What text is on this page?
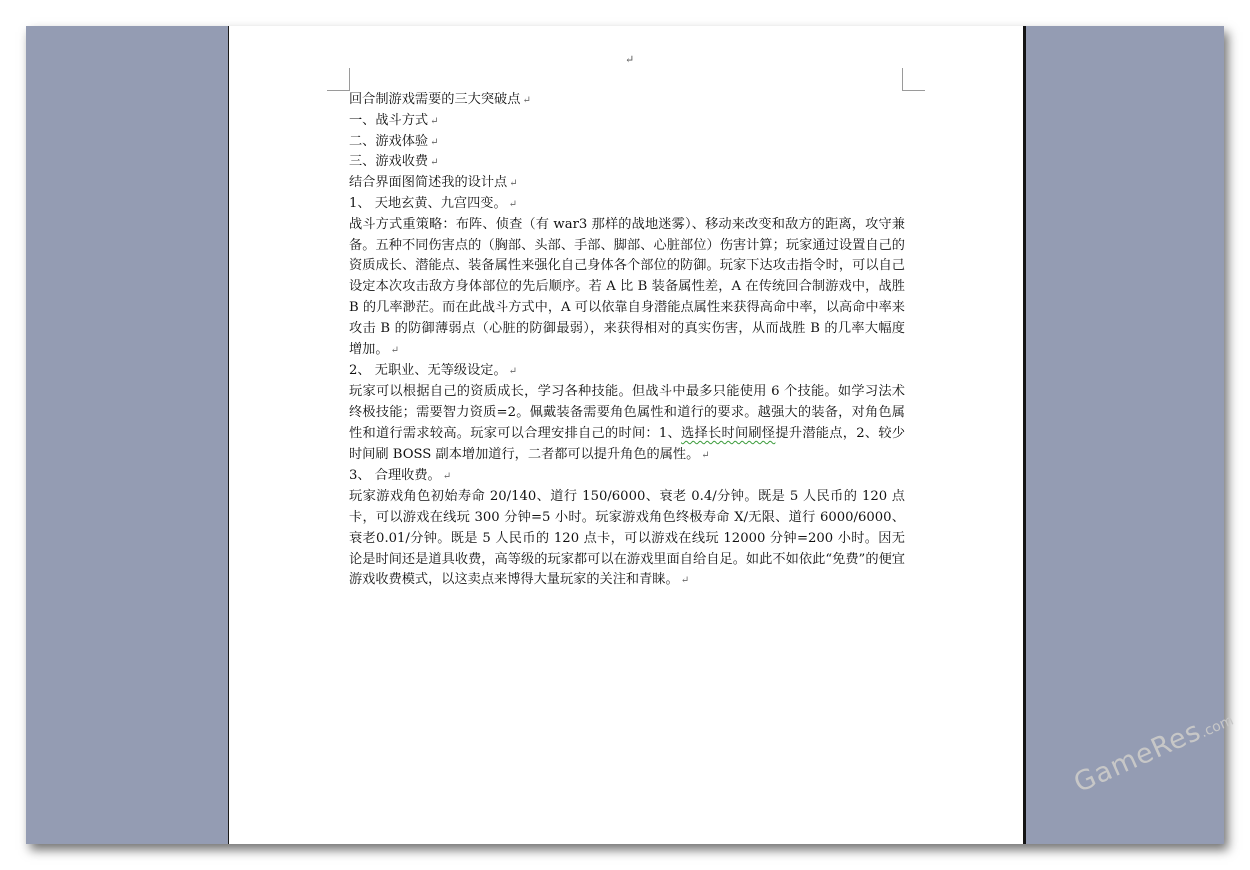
↵
回合制游戏需要的三大突破点 ↵
一、战斗方式 ↵
二、游戏体验 ↵
三、游戏收费 ↵
结合界面图简述我的设计点 ↵
1、 天地玄黄、九宫四变。 ↵
战斗方式重策略：布阵、侦查（有 war3 那样的战地迷雾）、移动来改变和敌方的距离，攻守兼备。五种不同伤害点的（胸部、头部、手部、脚部、心脏部位）伤害计算；玩家通过设置自己的资质成长、潜能点、装备属性来强化自己身体各个部位的防御。玩家下达攻击指令时，可以自己设定本次攻击敌方身体部位的先后顺序。若 A 比 B 装备属性差，A 在传统回合制游戏中，战胜 B 的几率渺茫。而在此战斗方式中，A 可以依靠自身潜能点属性来获得高命中率，以高命中率来攻击 B 的防御薄弱点（心脏的防御最弱），来获得相对的真实伤害，从而战胜 B 的几率大幅度增加。 ↵
2、 无职业、无等级设定。 ↵
玩家可以根据自己的资质成长，学习各种技能。但战斗中最多只能使用 6 个技能。如学习法术终极技能；需要智力资质=2。佩戴装备需要角色属性和道行的要求。越强大的装备，对角色属性和道行需求较高。玩家可以合理安排自己的时间：1、选择长时间刷怪提升潜能点，2、较少时间刷 BOSS 副本增加道行，二者都可以提升角色的属性。 ↵
3、 合理收费。 ↵
玩家游戏角色初始寿命 20/140、道行 150/6000、衰老 0.4/分钟。既是 5 人民币的 120 点卡，可以游戏在线玩 300 分钟=5 小时。玩家游戏角色终极寿命 X/无限、道行 6000/6000、衰老0.01/分钟。既是 5 人民币的 120 点卡，可以游戏在线玩 12000 分钟=200 小时。因无论是时间还是道具收费，高等级的玩家都可以在游戏里面自给自足。如此不如依此“免费”的便宜游戏收费模式，以这卖点来博得大量玩家的关注和青睐。 ↵
GameRes.com
